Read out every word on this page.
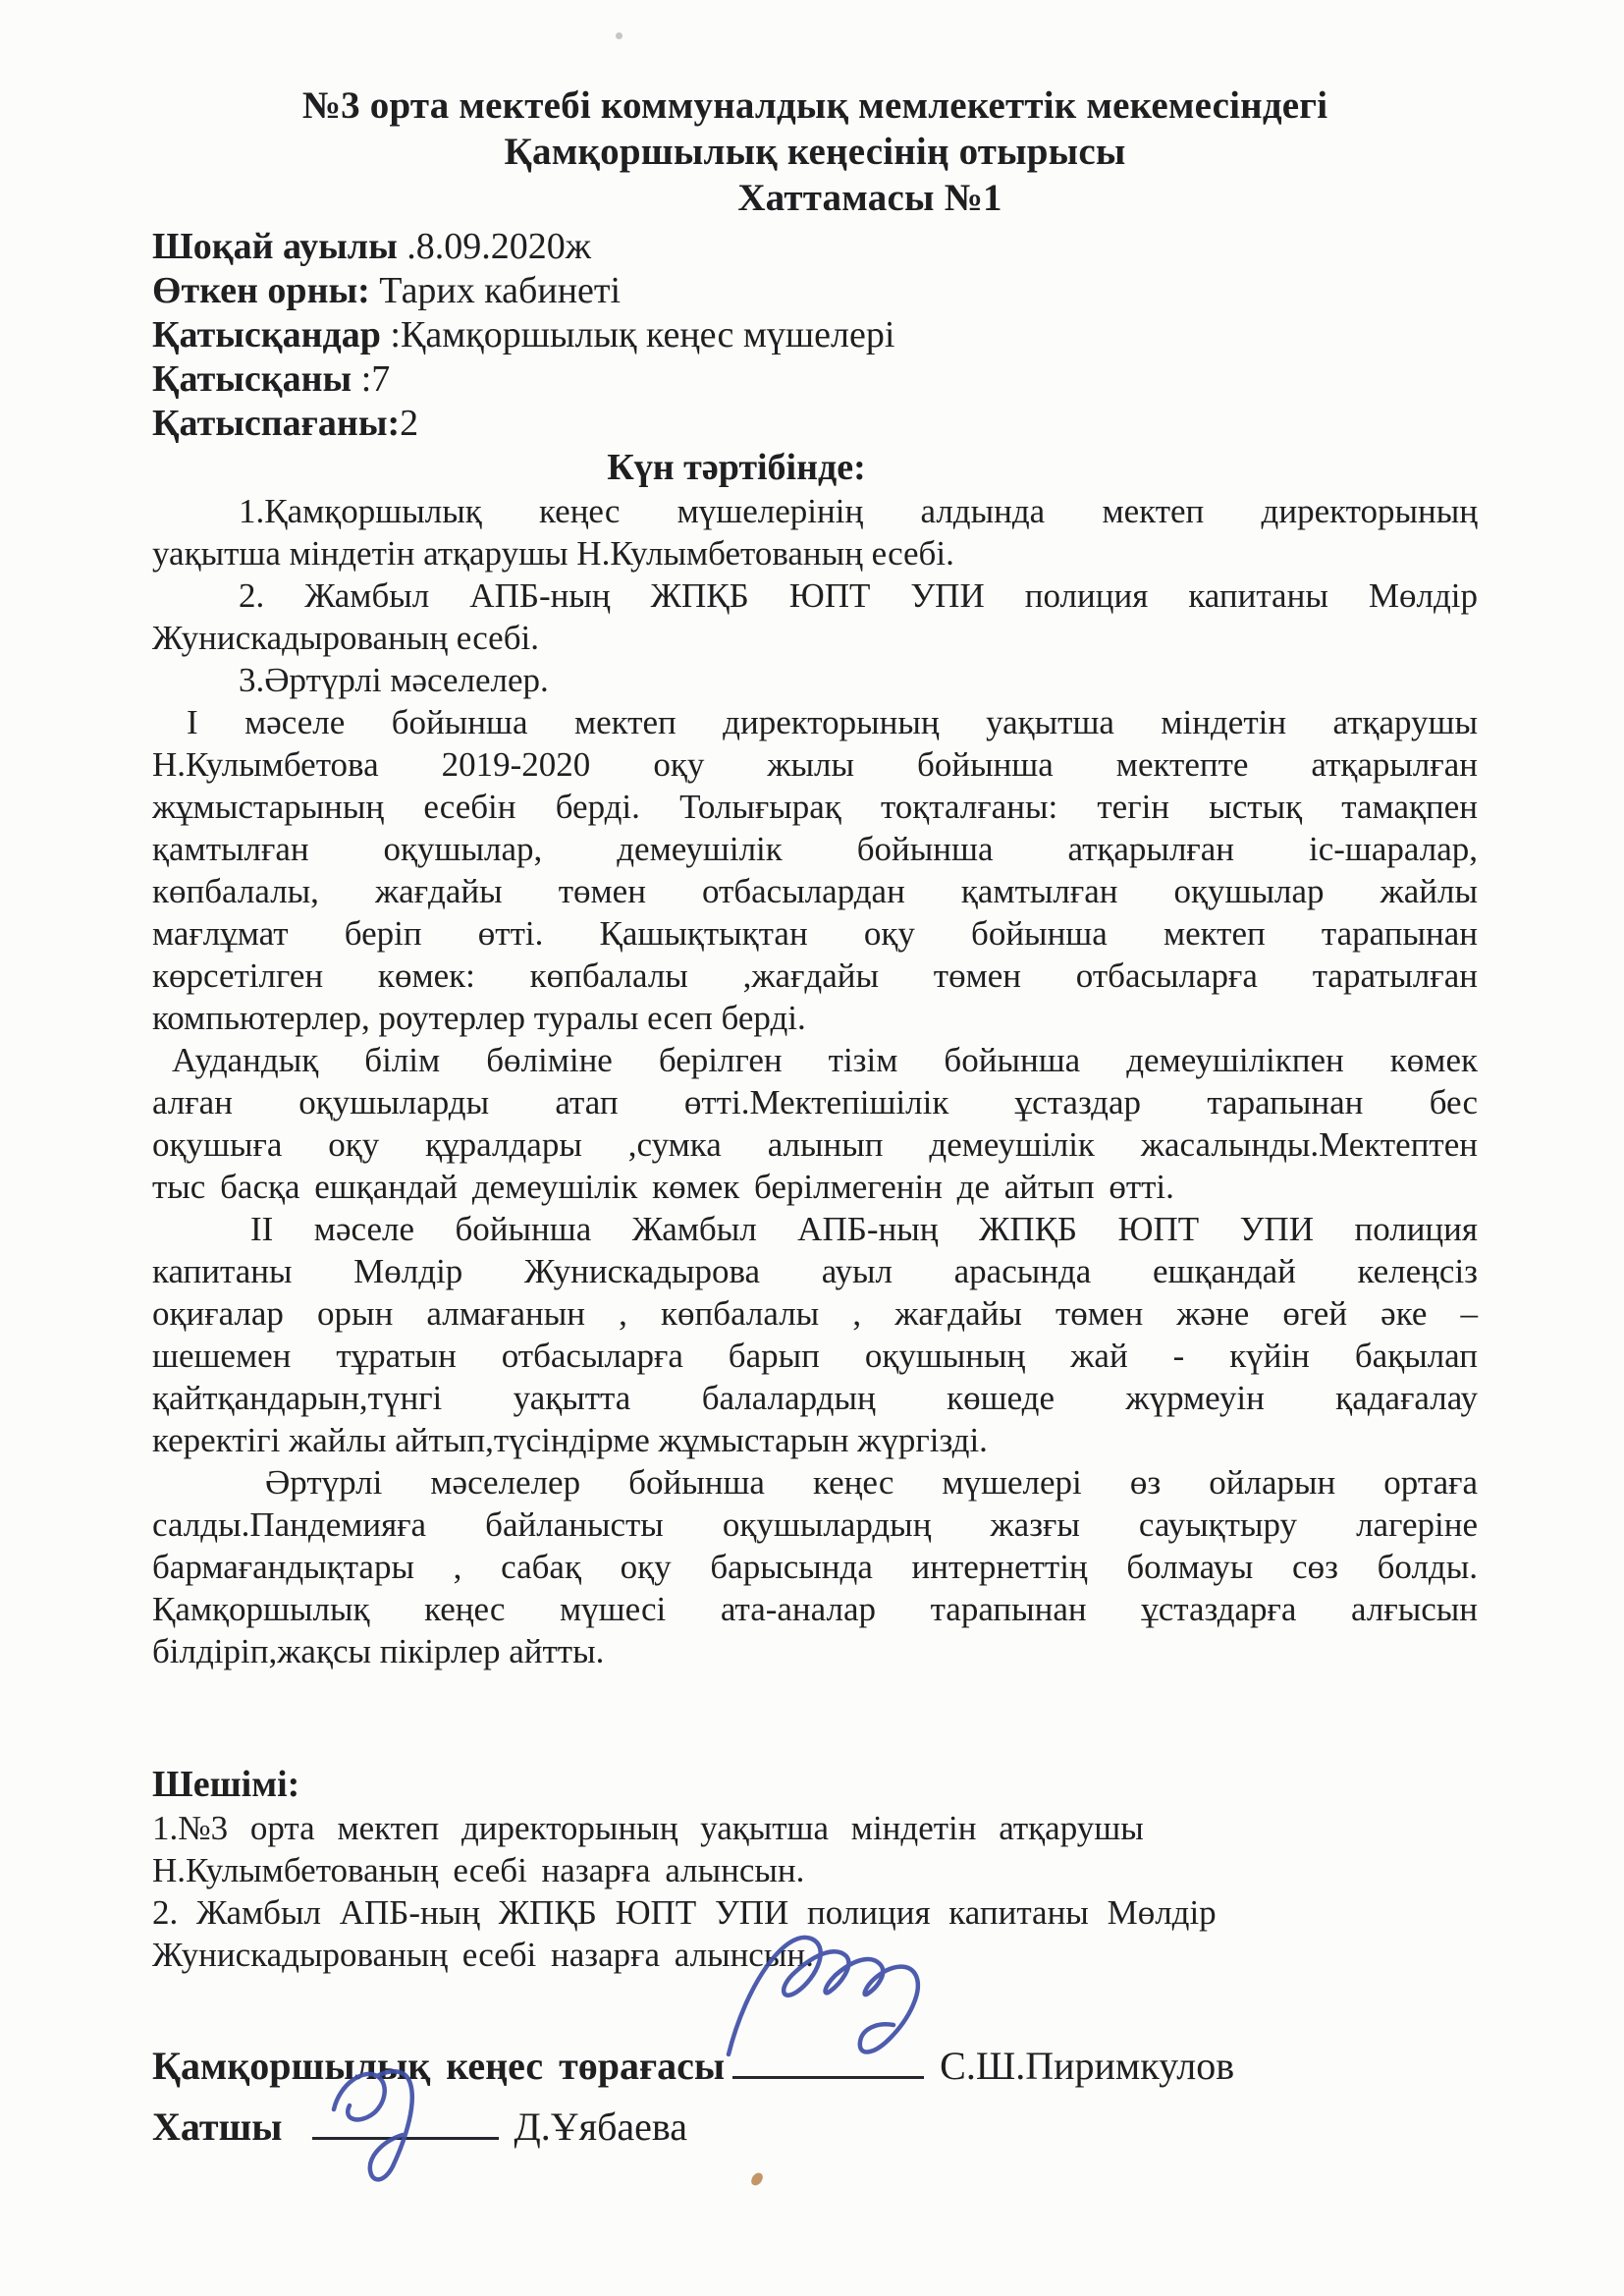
№3 орта мектебі коммуналдық мемлекеттік мекемесіндегі
Қамқоршылық кеңесінің отырысы
Хаттамасы №1
Шоқай ауылы .8.09.2020ж
Өткен орны: Тарих кабинеті
Қатысқандар :Қамқоршылық кеңес мүшелері
Қатысқаны :7
Қатыспағаны:2
Күн тәртібінде:
1.Қамқоршылық кеңес мүшелерінің алдында мектеп директорының
уақытша міндетін атқарушы Н.Кулымбетованың есебі.
2. Жамбыл АПБ-ның ЖПҚБ ЮПТ УПИ полиция капитаны Мөлдір
Жунискадырованың есебі.
3.Әртүрлі мәселелер.
I мәселе бойынша мектеп директорының уақытша міндетін атқарушы
Н.Кулымбетова 2019-2020 оқу жылы бойынша мектепте атқарылған
жұмыстарының есебін берді. Толығырақ тоқталғаны: тегін ыстық тамақпен
қамтылған оқушылар, демеушілік бойынша атқарылған іс-шаралар,
көпбалалы, жағдайы төмен отбасылардан қамтылған оқушылар жайлы
мағлұмат беріп өтті. Қашықтықтан оқу бойынша мектеп тарапынан
көрсетілген көмек: көпбалалы ,жағдайы төмен отбасыларға таратылған
компьютерлер, роутерлер туралы есеп берді.
Аудандық білім бөліміне берілген тізім бойынша демеушілікпен көмек
алған оқушыларды атап өтті.Мектепішілік ұстаздар тарапынан бес
оқушыға оқу құралдары ,сумка алынып демеушілік жасалынды.Мектептен
тыс басқа ешқандай демеушілік көмек берілмегенін де айтып өтті.
II мәселе бойынша Жамбыл АПБ-ның ЖПҚБ ЮПТ УПИ полиция
капитаны Мөлдір Жунискадырова ауыл арасында ешқандай келеңсіз
оқиғалар орын алмағанын , көпбалалы , жағдайы төмен және өгей әке –
шешемен тұратын отбасыларға барып оқушының жай - күйін бақылап
қайтқандарын,түнгі уақытта балалардың көшеде жүрмеуін қадағалау
керектігі жайлы айтып,түсіндірме жұмыстарын жүргізді.
Әртүрлі мәселелер бойынша кеңес мүшелері өз ойларын ортаға
салды.Пандемияға байланысты оқушылардың жазғы сауықтыру лагеріне
бармағандықтары , сабақ оқу барысында интернеттің болмауы сөз болды.
Қамқоршылық кеңес мүшесі ата-аналар тарапынан ұстаздарға алғысын
білдіріп,жақсы пікірлер айтты.
Шешімі:
1.№3 орта мектеп директорының уақытша міндетін атқарушы
Н.Кулымбетованың есебі назарға алынсын.
2. Жамбыл АПБ-ның ЖПҚБ ЮПТ УПИ полиция капитаны Мөлдір
Жунискадырованың есебі назарға алынсын.
Қамқоршылық кеңес төрағасы	С.Ш.Пиримкулов
Хатшы	Д.Ұябаева
